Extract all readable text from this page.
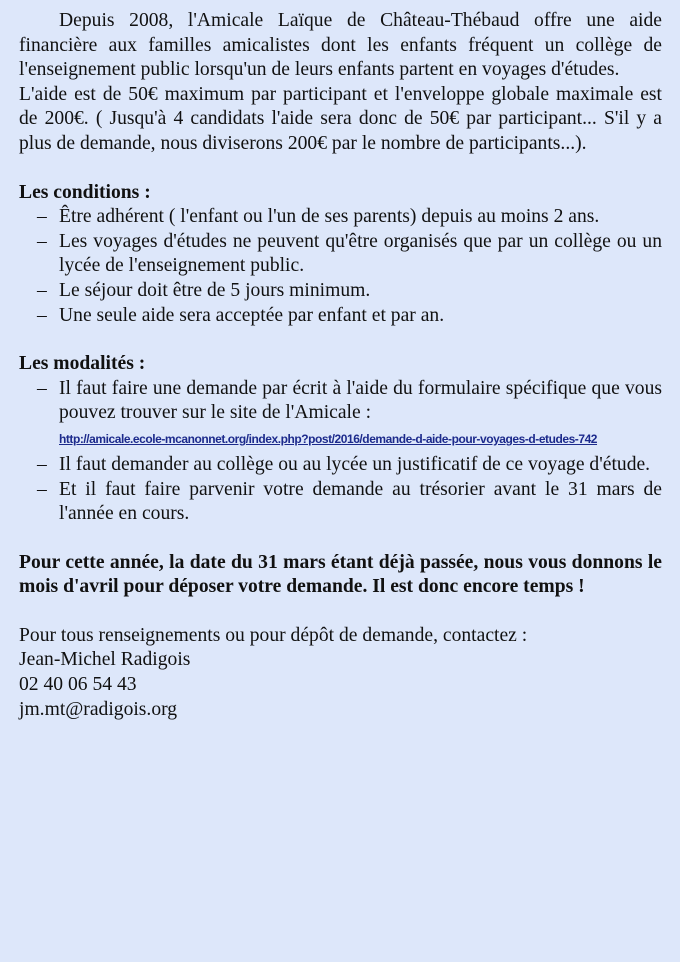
Depuis 2008, l'Amicale Laïque de Château-Thébaud offre une aide financière aux familles amicalistes dont les enfants fréquent un collège de l'enseignement public lorsqu'un de leurs enfants partent en voyages d'études.

L'aide est de 50€ maximum par participant et l'enveloppe globale maximale est de 200€. ( Jusqu'à 4 candidats l'aide sera donc de 50€ par participant... S'il y a plus de demande, nous diviserons 200€ par le nombre de participants...).

Les conditions :

– Être adhérent ( l'enfant ou l'un de ses parents) depuis au moins 2 ans.
– Les voyages d'études ne peuvent qu'être organisés que par un collège ou un lycée de l'enseignement public.
– Le séjour doit être de 5 jours minimum.
– Une seule aide sera acceptée par enfant et par an.

Les modalités :

– Il faut faire une demande par écrit à l'aide du formulaire spécifique que vous pouvez trouver sur le site de l'Amicale :
http://amicale.ecole-mcanonnet.org/index.php?post/2016/demande-d-aide-pour-voyages-d-etudes-742
– Il faut demander au collège ou au lycée un justificatif de ce voyage d'étude.
– Et il faut faire parvenir votre demande au trésorier avant le 31 mars de l'année en cours.

Pour cette année, la date du 31 mars étant déjà passée, nous vous donnons le mois d'avril pour déposer votre demande. Il est donc encore temps !

Pour tous renseignements ou pour dépôt de demande, contactez :

Jean-Michel Radigois

02 40 06 54 43

jm.mt@radigois.org
